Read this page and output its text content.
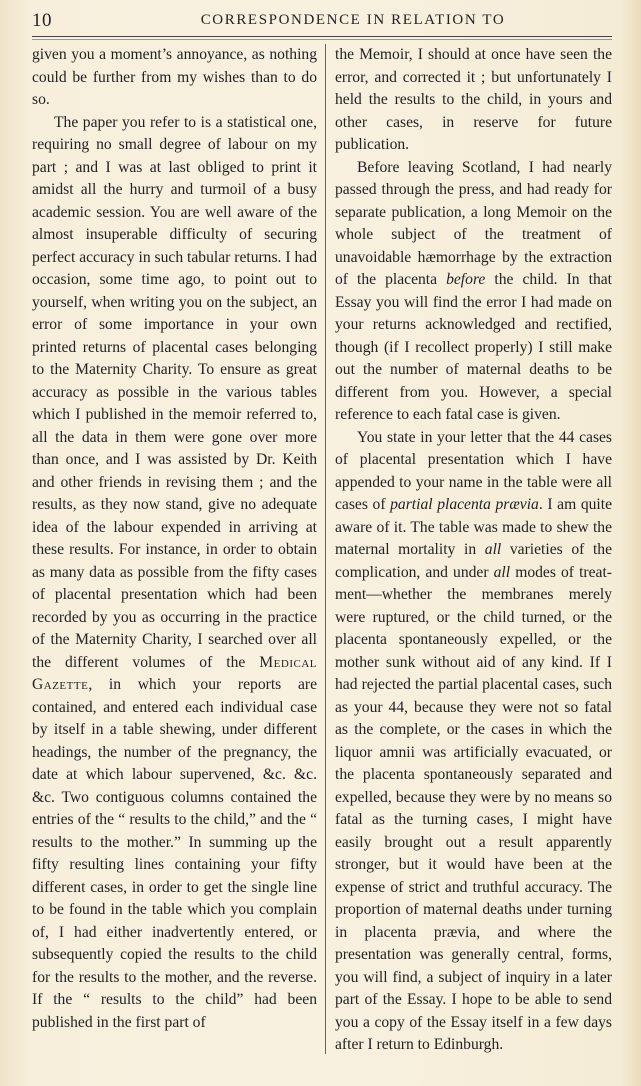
10	CORRESPONDENCE IN RELATION TO

given you a moment’s annoyance, as nothing could be further from my wishes than to do so.

The paper you refer to is a statistical one, requiring no small degree of labour on my part ; and I was at last obliged to print it amidst all the hurry and turmoil of a busy academic session. You are well aware of the almost insuperable difficulty of securing perfect accuracy in such tabular returns. I had occasion, some time ago, to point out to yourself, when writing you on the subject, an error of some importance in your own printed returns of placental cases belonging to the Maternity Charity. To ensure as great accuracy as possible in the various tables which I published in the memoir referred to, all the data in them were gone over more than once, and I was assisted by Dr. Keith and other friends in revising them ; and the results, as they now stand, give no adequate idea of the labour expended in arriving at these results. For instance, in order to obtain as many data as possible from the fifty cases of placental presentation which had been recorded by you as occurring in the practice of the Maternity Charity, I searched over all the different volumes of the Medical Gazette, in which your reports are contained, and entered each individual case by itself in a table shewing, under different headings, the number of the pregnancy, the date at which labour supervened, &c. &c. &c. Two contiguous columns contained the entries of the “ results to the child,” and the “ results to the mother.” In summing up the fifty resulting lines containing your fifty different cases, in order to get the single line to be found in the table which you complain of, I had either inadvertently entered, or subsequently copied the results to the child for the results to the mother, and the reverse. If the “ results to the child” had been published in the first part of

the Memoir, I should at once have seen the error, and corrected it ; but unfortunately I held the results to the child, in yours and other cases, in reserve for future publication.

Before leaving Scotland, I had nearly passed through the press, and had ready for separate publication, a long Memoir on the whole subject of the treatment of unavoidable hæmorrhage by the extraction of the placenta before the child. In that Essay you will find the error I had made on your returns acknowledged and rectified, though (if I recollect properly) I still make out the number of maternal deaths to be different from you. However, a special reference to each fatal case is given.

You state in your letter that the 44 cases of placental presentation which I have appended to your name in the table were all cases of partial placenta prævia. I am quite aware of it. The table was made to shew the maternal mortality in all varieties of the complication, and under all modes of treatment—whether the membranes merely were ruptured, or the child turned, or the placenta spontaneously expelled, or the mother sunk without aid of any kind. If I had rejected the partial placental cases, such as your 44, because they were not so fatal as the complete, or the cases in which the liquor amnii was artificially evacuated, or the placenta spontaneously separated and expelled, because they were by no means so fatal as the turning cases, I might have easily brought out a result apparently stronger, but it would have been at the expense of strict and truthful accuracy. The proportion of maternal deaths under turning in placenta prævia, and where the presentation was generally central, forms, you will find, a subject of inquiry in a later part of the Essay. I hope to be able to send you a copy of the Essay itself in a few days after I return to Edinburgh.
